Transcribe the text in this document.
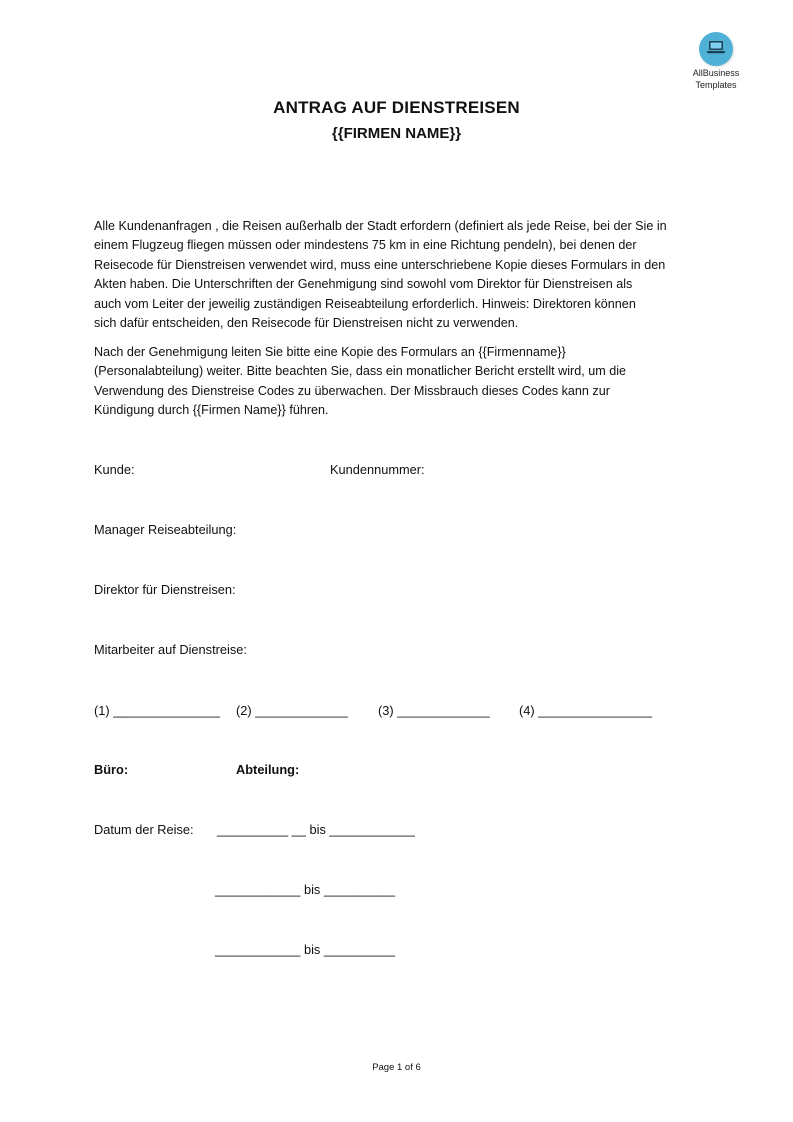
AllBusiness
Templates
ANTRAG AUF DIENSTREISEN
{{FIRMEN NAME}}

Alle Kundenanfragen , die Reisen außerhalb der Stadt erfordern (definiert als jede Reise, bei der Sie in

einem Flugzeug fliegen müssen oder mindestens 75 km in eine Richtung pendeln), bei denen der

Reisecode für Dienstreisen verwendet wird, muss eine unterschriebene Kopie dieses Formulars in den

Akten haben. Die Unterschriften der Genehmigung sind sowohl vom Direktor für Dienstreisen als

auch vom Leiter der jeweilig zuständigen Reiseabteilung erforderlich. Hinweis: Direktoren können

sich dafür entscheiden, den Reisecode für Dienstreisen nicht zu verwenden.

Nach der Genehmigung leiten Sie bitte eine Kopie des Formulars an {{Firmenname}}

(Personalabteilung) weiter. Bitte beachten Sie, dass ein monatlicher Bericht erstellt wird, um die

Verwendung des Dienstreise Codes zu überwachen. Der Missbrauch dieses Codes kann zur

Kündigung durch {{Firmen Name}} führen.

Kunde:	Kundennummer:
Manager Reiseabteilung:
Direktor für Dienstreisen:
Mitarbeiter auf Dienstreise:
(1) _______________ (2) _____________ (3) _____________ (4) ________________
Büro:	Abteilung:
Datum der Reise: __________ __ bis ____________
____________ bis __________
____________ bis __________
Page 1 of 6
